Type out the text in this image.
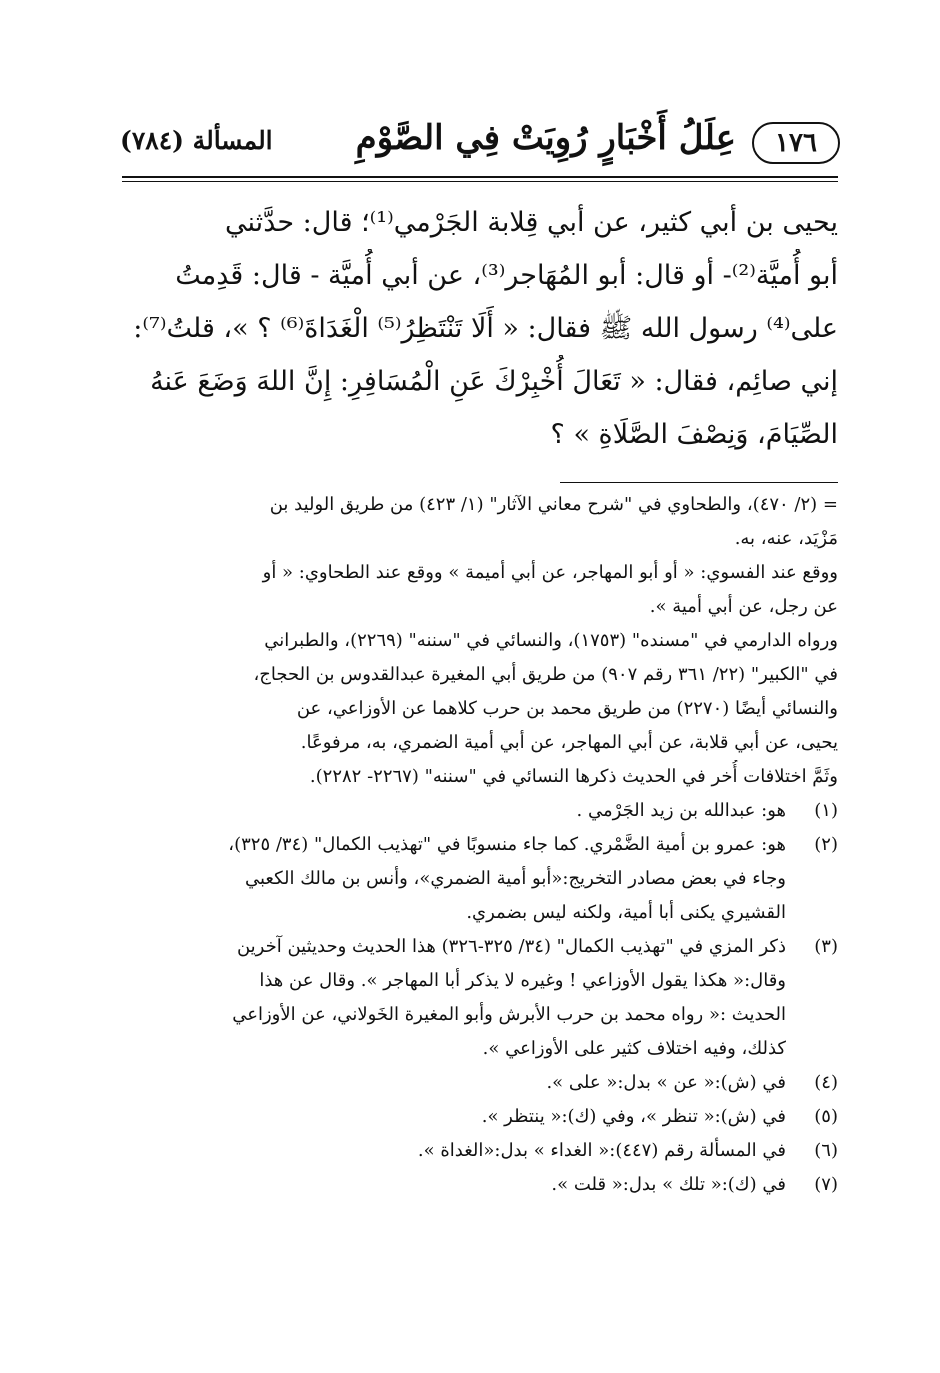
١٧٦
عِلَلُ أَخْبَارٍ رُوِيَتْ فِي الصَّوْمِ
المسألة (٧٨٤)
يحيى بن أبي كثير، عن أبي قِلابة الجَرْمي⁽¹⁾؛ قال: حدَّثني
أبو أُميَّة⁽²⁾- أو قال: أبو المُهَاجر⁽³⁾، عن أبي أُميَّة - قال: قَدِمتُ
على⁽⁴⁾ رسول الله ﷺ فقال: « أَلَا تَنْتَظِرُ⁽⁵⁾ الْغَدَاةَ⁽⁶⁾ ؟ »، قلتُ⁽⁷⁾:
إني صائِم، فقال: « تَعَالَ أُخْبِرْكَ عَنِ الْمُسَافِرِ: إِنَّ اللهَ وَضَعَ عَنهُ
الصِّيَامَ، وَنِصْفَ الصَّلَاةِ » ؟
= (٢/ ٤٧٠)، والطحاوي في "شرح معاني الآثار" (١/ ٤٢٣) من طريق الوليد بن
مَزْيَد، عنه، به.
ووقع عند الفسوي: « أو أبو المهاجر، عن أبي أميمة » ووقع عند الطحاوي: « أو
عن رجل، عن أبي أمية ».
ورواه الدارمي في "مسنده" (١٧٥٣)، والنسائي في "سننه" (٢٢٦٩)، والطبراني
في "الكبير" (٢٢/ ٣٦١ رقم ٩٠٧) من طريق أبي المغيرة عبدالقدوس بن الحجاج،
والنسائي أيضًا (٢٢٧٠) من طريق محمد بن حرب كلاهما عن الأوزاعي، عن
يحيى، عن أبي قلابة، عن أبي المهاجر، عن أبي أمية الضمري، به، مرفوعًا.
وثَمَّ اختلافات أُخر في الحديث ذكرها النسائي في "سننه" (٢٢٦٧- ٢٢٨٢).
(١)
هو: عبدالله بن زيد الجَرْمي .
(٢)
هو: عمرو بن أمية الضَّمْري. كما جاء منسوبًا في "تهذيب الكمال" (٣٤/ ٣٢٥)،
وجاء في بعض مصادر التخريج:«أبو أمية الضمري»، وأنس بن مالك الكعبي
القشيري يكنى أبا أمية، ولكنه ليس بضمري.
(٣)
ذكر المزي في "تهذيب الكمال" (٣٤/ ٣٢٥-٣٢٦) هذا الحديث وحديثين آخرين
وقال:« هكذا يقول الأوزاعي ! وغيره لا يذكر أبا المهاجر ». وقال عن هذا
الحديث :« رواه محمد بن حرب الأبرش وأبو المغيرة الخَولاني، عن الأوزاعي
كذلك، وفيه اختلاف كثير على الأوزاعي ».
(٤)
في (ش):« عن » بدل:« على ».
(٥)
في (ش):« تنظر »، وفي (ك):« ينتظر ».
(٦)
في المسألة رقم (٤٤٧):« الغداء » بدل:«الغداة ».
(٧)
في (ك):« تلك » بدل:« قلت ».
